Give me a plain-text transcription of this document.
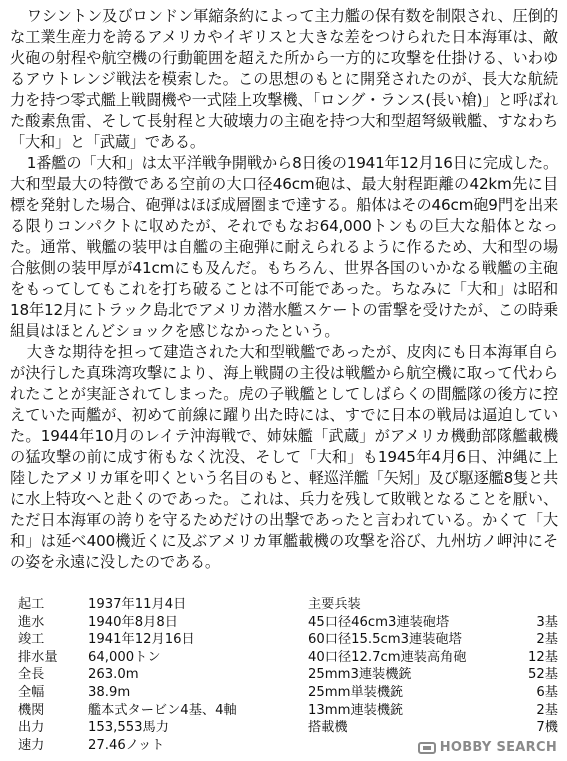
ワシントン及びロンドン軍縮条約によって主力艦の保有数を制限され、圧倒的な工業生産力を誇るアメリカやイギリスと大きな差をつけられた日本海軍は、敵火砲の射程や航空機の行動範囲を超えた所から一方的に攻撃を仕掛ける、いわゆるアウトレンジ戦法を模索した。この思想のもとに開発されたのが、長大な航続力を持つ零式艦上戦闘機や一式陸上攻撃機、「ロング・ランス(長い槍)」と呼ばれた酸素魚雷、そして長射程と大破壊力の主砲を持つ大和型超弩級戦艦、すなわち「大和」と「武蔵」である。

1番艦の「大和」は太平洋戦争開戦から8日後の1941年12月16日に完成した。大和型最大の特徴である空前の大口径46cm砲は、最大射程距離の42km先に目標を発射した場合、砲弾はほぼ成層圏まで達する。船体はその46cm砲9門を出来る限りコンパクトに収めたが、それでもなお64,000トンもの巨大な船体となった。通常、戦艦の装甲は自艦の主砲弾に耐えられるように作るため、大和型の場合舷側の装甲厚が41cmにも及んだ。もちろん、世界各国のいかなる戦艦の主砲をもってしてもこれを打ち破ることは不可能であった。ちなみに「大和」は昭和18年12月にトラック島北でアメリカ潜水艦スケートの雷撃を受けたが、この時乗組員はほとんどショックを感じなかったという。

大きな期待を担って建造された大和型戦艦であったが、皮肉にも日本海軍自らが決行した真珠湾攻撃により、海上戦闘の主役は戦艦から航空機に取って代わられたことが実証されてしまった。虎の子戦艦としてしばらくの間艦隊の後方に控えていた両艦が、初めて前線に躍り出た時には、すでに日本の戦局は逼迫していた。1944年10月のレイテ沖海戦で、姉妹艦「武蔵」がアメリカ機動部隊艦載機の猛攻撃の前に成す術もなく沈没、そして「大和」も1945年4月6日、沖縄に上陸したアメリカ軍を叩くという名目のもと、軽巡洋艦「矢矧」及び駆逐艦8隻と共に水上特攻へと赴くのであった。これは、兵力を残して敗戦となることを厭い、ただ日本海軍の誇りを守るためだけの出撃であったと言われている。かくて「大和」は延べ400機近くに及ぶアメリカ軍艦載機の攻撃を浴び、九州坊ノ岬沖にその姿を永遠に没したのである。

起工	1937年11月4日
進水	1940年8月8日
竣工	1941年12月16日
排水量 64,000トン
全長	263.0m
全幅	38.9m
機関	艦本式タービン4基、4軸
出力	153,553馬力
速力	27.46ノット
主要兵装
45口径46cm3連装砲塔	3基
60口径15.5cm3連装砲塔	2基
40口径12.7cm連装高角砲	12基
25mm3連装機銃	52基
25mm単装機銃	6基
13mm連装機銃	2基
搭載機	7機
HOBBY SEARCH
